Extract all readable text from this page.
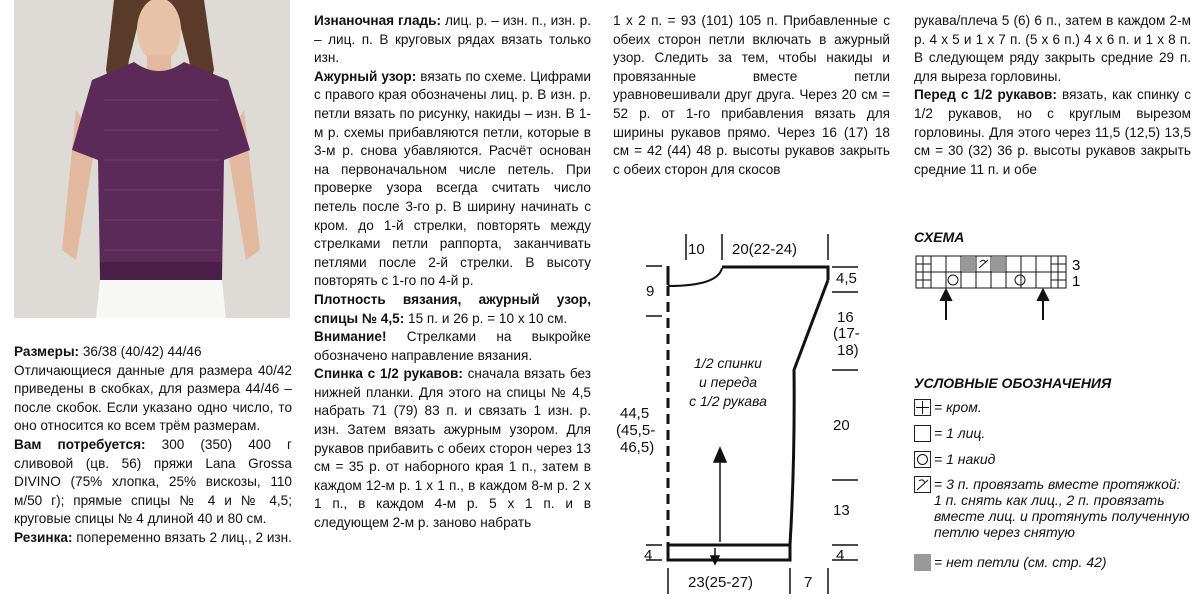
Размеры: 36/38 (40/42) 44/46

Отличающиеся данные для размера 40/42 приведены в скобках, для размера 44/46 – после скобок. Если указано одно число, то оно относится ко всем трём размерам.

Вам потребуется: 300 (350) 400 г сливовой (цв. 56) пряжи Lana Grossa DIVINO (75% хлопка, 25% вискозы, 110 м/50 г); прямые спицы № 4 и № 4,5; круговые спицы № 4 длиной 40 и 80 см.

Резинка: попеременно вязать 2 лиц., 2 изн.

Изнаночная гладь: лиц. р. – изн. п., изн. р. – лиц. п. В круговых рядах вязать только изн.

Ажурный узор: вязать по схеме. Цифрами с правого края обозначены лиц. р. В изн. р. петли вязать по рисунку, накиды – изн. В 1-м р. схемы прибавляются петли, которые в 3-м р. снова убавляются. Расчёт основан на первоначальном числе петель. При проверке узора всегда считать число петель после 3-го р. В ширину начинать с кром. до 1-й стрелки, повторять между стрелками петли раппорта, заканчивать петлями после 2-й стрелки. В высоту повторять с 1-го по 4-й р.

Плотность вязания, ажурный узор, спицы № 4,5: 15 п. и 26 р. = 10 х 10 см.

Внимание! Стрелками на выкройке обозначено направление вязания.

Спинка с 1/2 рукавов: сначала вязать без нижней планки. Для этого на спицы № 4,5 набрать 71 (79) 83 п. и связать 1 изн. р. изн. Затем вязать ажурным узором. Для рукавов прибавить с обеих сторон через 13 см = 35 р. от наборного края 1 п., затем в каждом 12-м р. 1 х 1 п., в каждом 8-м р. 2 х 1 п., в каждом 4-м р. 5 х 1 п. и в следующем 2-м р. заново набрать

1 х 2 п. = 93 (101) 105 п. Прибавленные с обеих сторон петли включать в ажурный узор. Следить за тем, чтобы накиды и провязанные вместе петли уравновешивали друг друга. Через 20 см = 52 р. от 1-го прибавления вязать для ширины рукавов прямо. Через 16 (17) 18 см = 42 (44) 48 р. высоты рукавов закрыть с обеих сторон для скосов

рукава/плеча 5 (6) 6 п., затем в каждом 2-м р. 4 х 5 и 1 х 7 п. (5 х 6 п.) 4 х 6 п. и 1 х 8 п. В следующем ряду закрыть средние 29 п. для выреза горловины.

Перед с 1/2 рукавов: вязать, как спинку с 1/2 рукавов, но с круглым вырезом горловины. Для этого через 11,5 (12,5) 13,5 см = 30 (32) 36 р. высоты рукавов закрыть средние 11 п. и обе

10 20(22-24)
9
4,5
16
(17-
18)
20
13
4
44,5
(45,5-
46,5)
4
23(25-27)	7
1/2 спинки
и переда
с 1/2 рукава
СХЕМА
3
1
УСЛОВНЫЕ ОБОЗНАЧЕНИЯ
= кром.
= 1 лиц.
= 1 накид
= 3 п. провязать вместе протяжкой: 1 п. снять как лиц., 2 п. провязать вместе лиц. и протянуть полученную петлю через снятую
= нет петли (см. стр. 42)
